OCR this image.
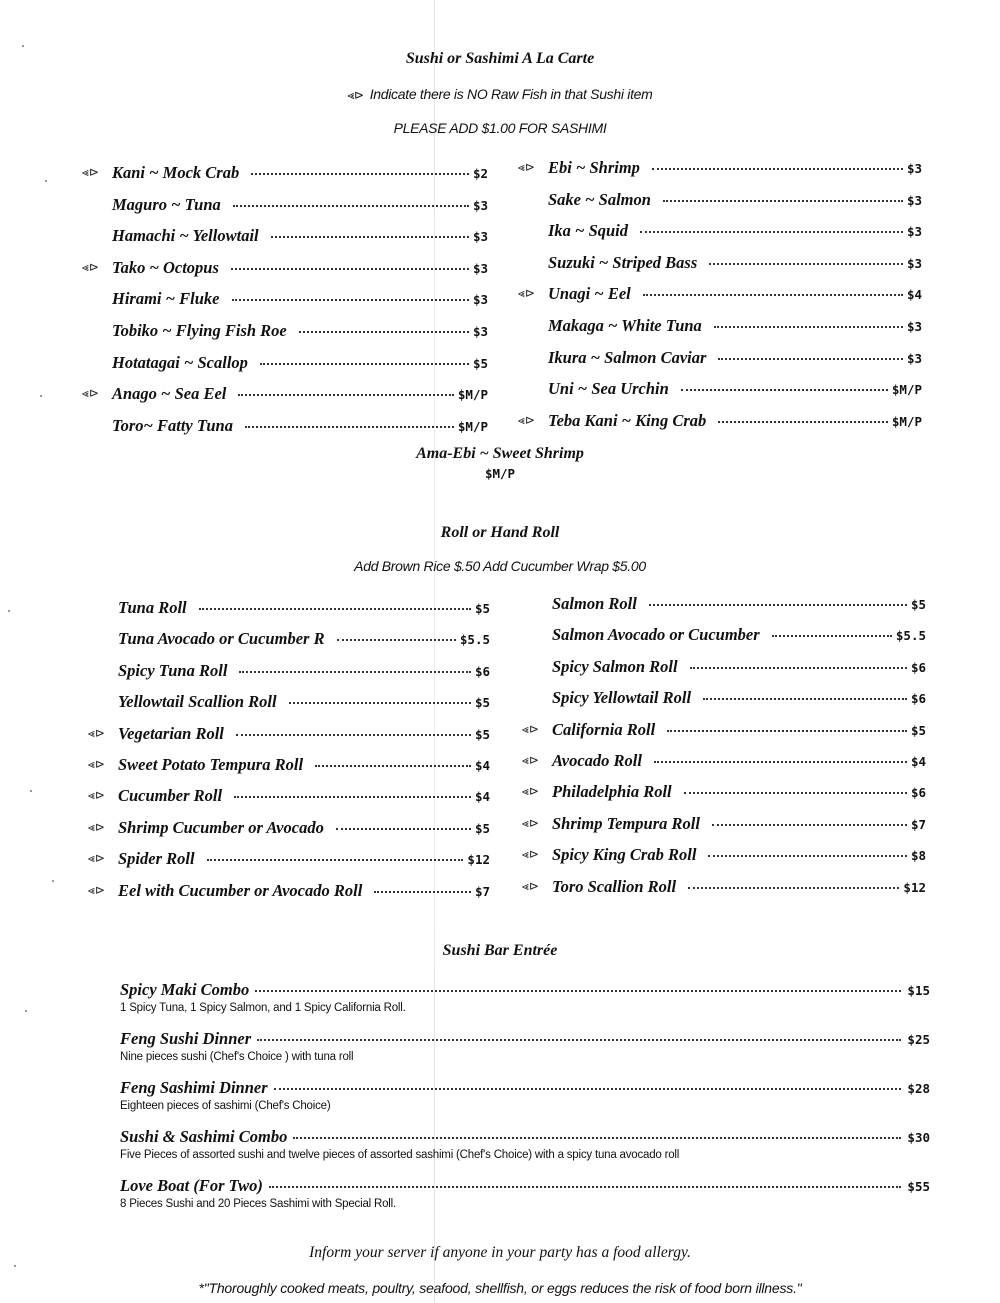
Sushi or Sashimi A La Carte
⪡⊳ Indicate there is NO Raw Fish in that Sushi item
PLEASE ADD $1.00 FOR SASHIMI
⪡⊳ Kani ~ Mock Crab	$2
Maguro ~ Tuna	$3
Hamachi ~ Yellowtail	$3
⪡⊳ Tako ~ Octopus	$3
Hirami ~ Fluke	$3
Tobiko ~ Flying Fish Roe	$3
Hotatagai ~ Scallop	$5
⪡⊳ Anago ~ Sea Eel	$M/P
Toro~ Fatty Tuna	$M/P
⪡⊳ Ebi ~ Shrimp	$3
Sake ~ Salmon	$3
Ika ~ Squid	$3
Suzuki ~ Striped Bass	$3
⪡⊳ Unagi ~ Eel	$4
Makaga ~ White Tuna	$3
Ikura ~ Salmon Caviar	$3
Uni ~ Sea Urchin	$M/P
⪡⊳ Teba Kani ~ King Crab	$M/P
Ama-Ebi ~ Sweet Shrimp
$M/P
Roll or Hand Roll
Add Brown Rice $.50 Add Cucumber Wrap $5.00
Tuna Roll	$5
Tuna Avocado or Cucumber R	$5.5
Spicy Tuna Roll	$6
Yellowtail Scallion Roll	$5
⪡⊳ Vegetarian Roll	$5
⪡⊳ Sweet Potato Tempura Roll	$4
⪡⊳ Cucumber Roll	$4
⪡⊳ Shrimp Cucumber or Avocado	$5
⪡⊳ Spider Roll	$12
⪡⊳ Eel with Cucumber or Avocado Roll	$7
Salmon Roll	$5
Salmon Avocado or Cucumber	$5.5
Spicy Salmon Roll	$6
Spicy Yellowtail Roll	$6
⪡⊳ California Roll	$5
⪡⊳ Avocado Roll	$4
⪡⊳ Philadelphia Roll	$6
⪡⊳ Shrimp Tempura Roll	$7
⪡⊳ Spicy King Crab Roll	$8
⪡⊳ Toro Scallion Roll	$12
Sushi Bar Entrée
Spicy Maki Combo	$15
1 Spicy Tuna, 1 Spicy Salmon, and 1 Spicy California Roll.
Feng Sushi Dinner	$25
Nine pieces sushi (Chef's Choice ) with tuna roll
Feng Sashimi Dinner	$28
Eighteen pieces of sashimi (Chef's Choice)
Sushi & Sashimi Combo	$30
Five Pieces of assorted sushi and twelve pieces of assorted sashimi (Chef's Choice) with a spicy tuna avocado roll
Love Boat (For Two)	$55
8 Pieces Sushi and 20 Pieces Sashimi with Special Roll.
Inform your server if anyone in your party has a food allergy.
*"Thoroughly cooked meats, poultry, seafood, shellfish, or eggs reduces the risk of food born illness."
